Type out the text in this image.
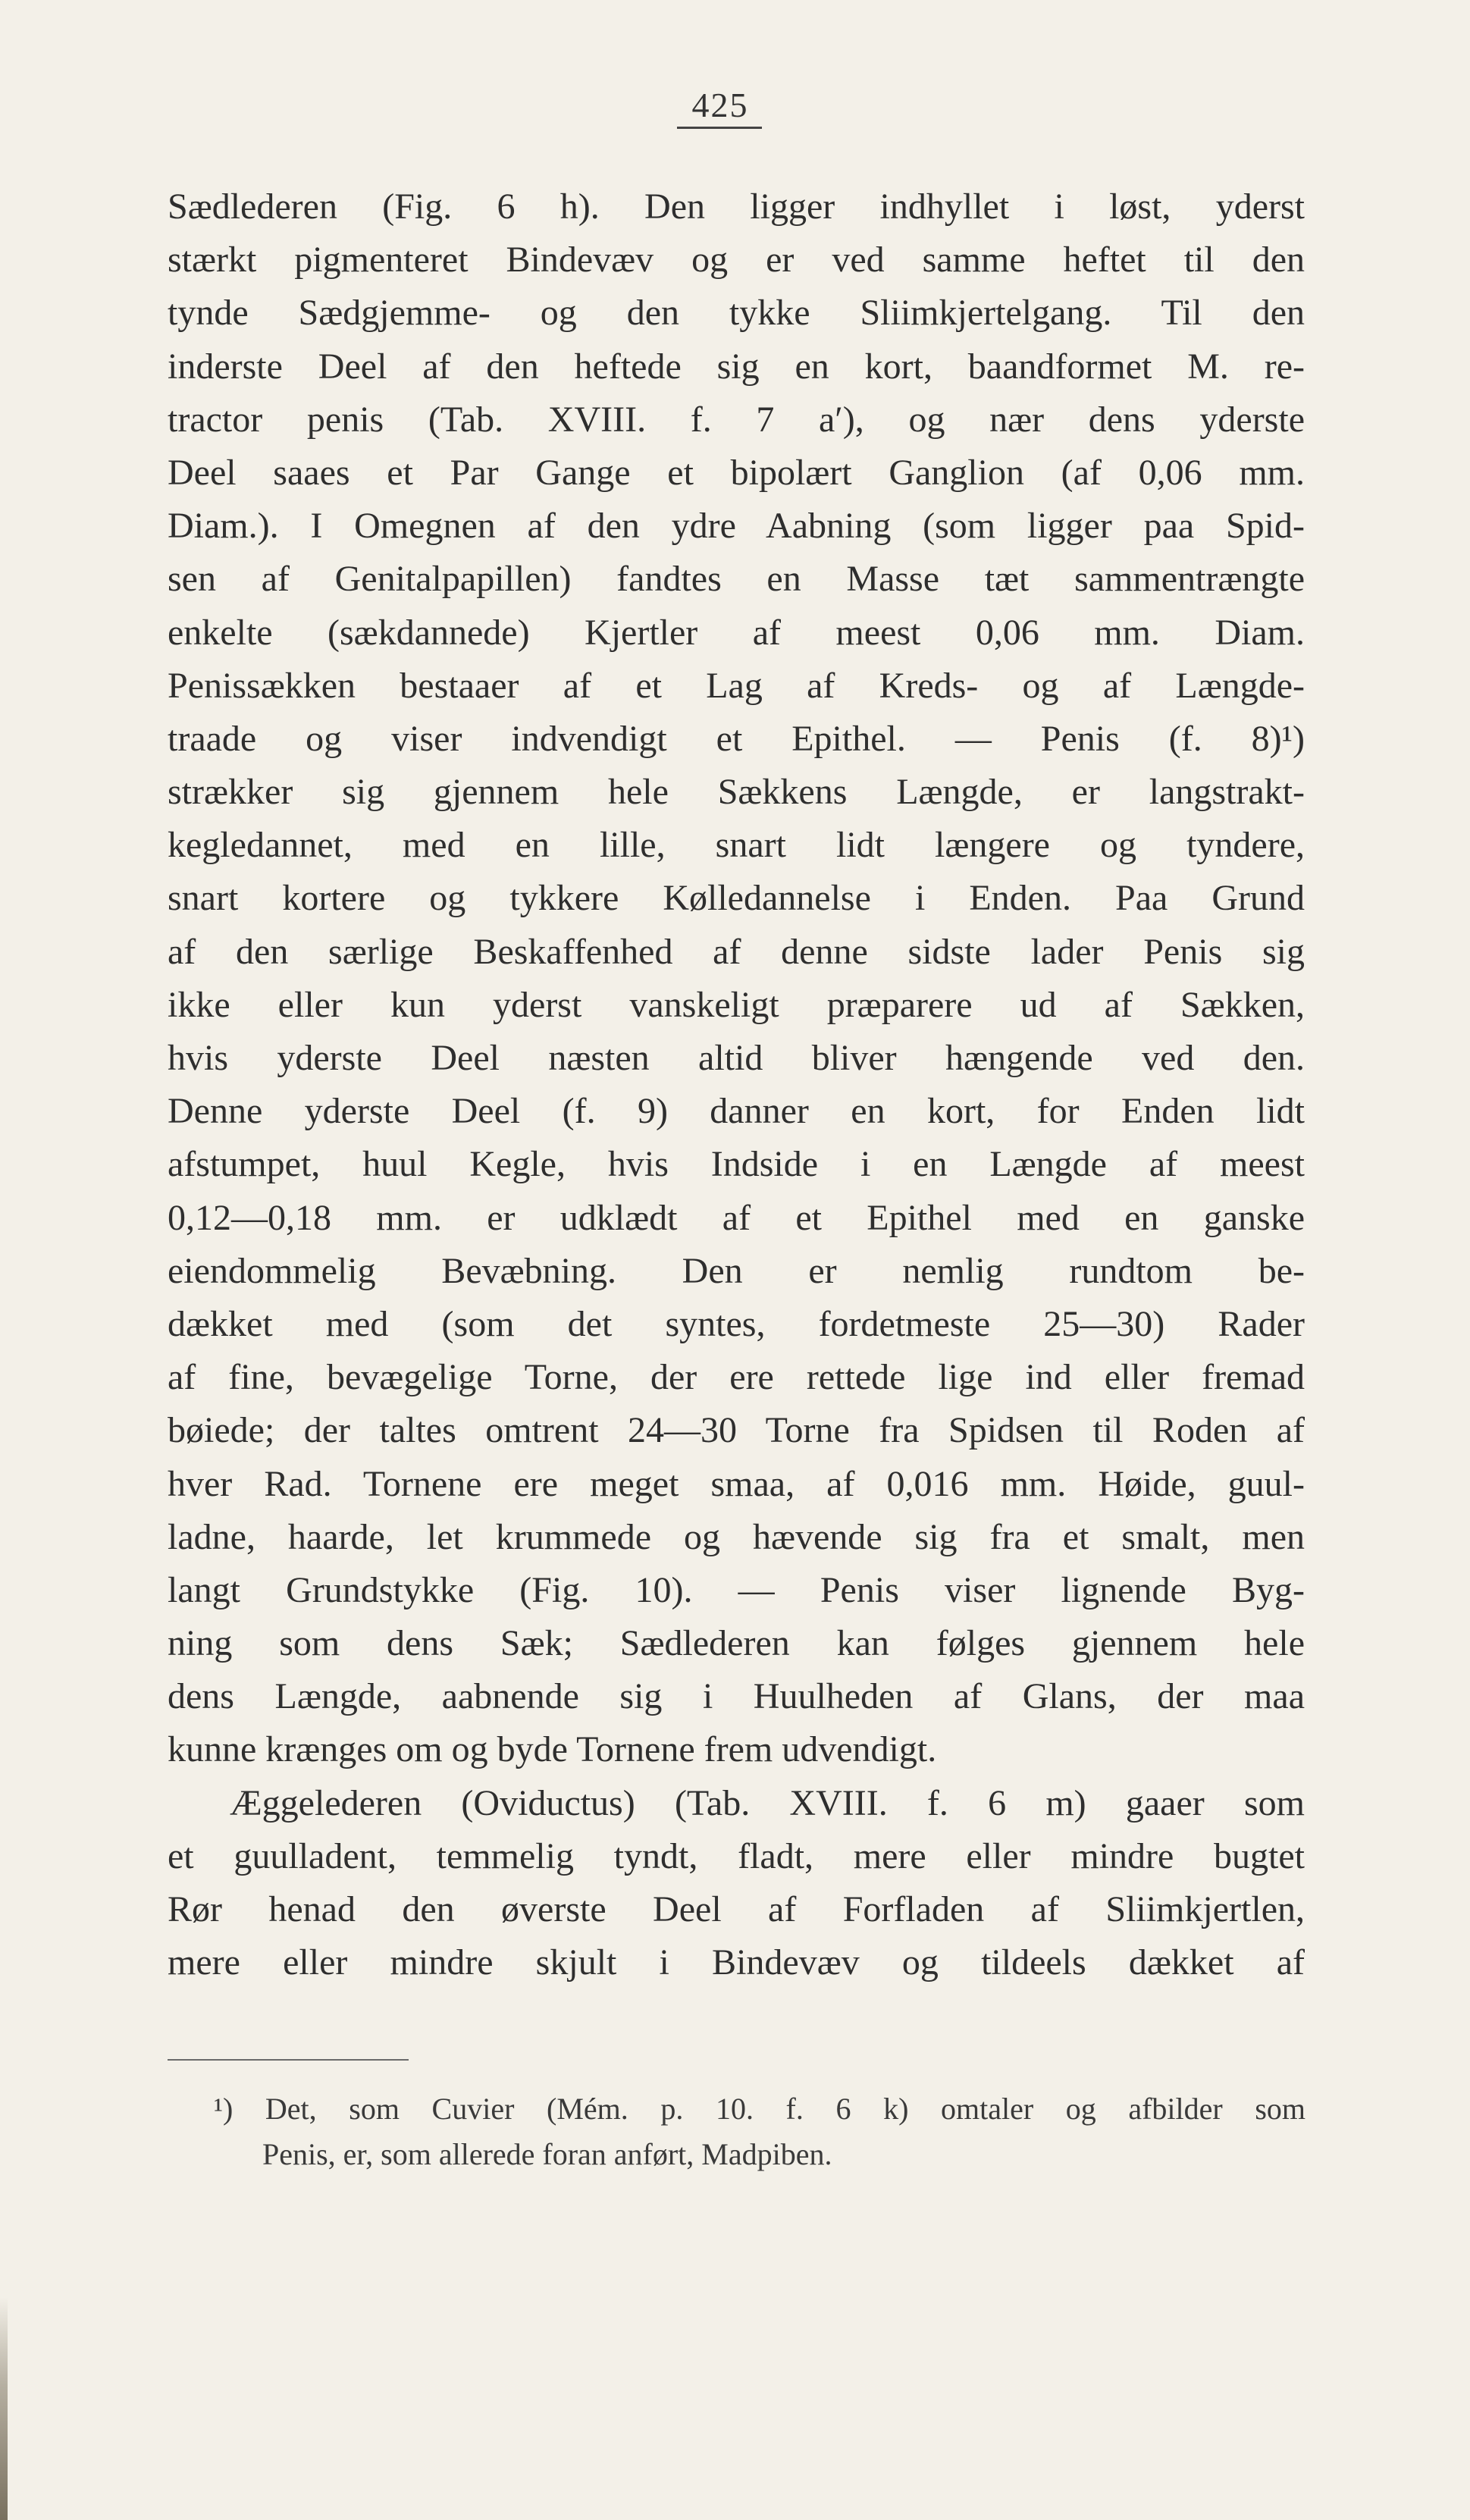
425
Sædlederen (Fig. 6 h). Den ligger indhyllet i løst, yderst
stærkt pigmenteret Bindevæv og er ved samme heftet til den
tynde Sædgjemme- og den tykke Sliimkjertelgang. Til den
inderste Deel af den heftede sig en kort, baandformet M. re-
tractor penis (Tab. XVIII. f. 7 a′), og nær dens yderste
Deel saaes et Par Gange et bipolært Ganglion (af 0,06 mm.
Diam.). I Omegnen af den ydre Aabning (som ligger paa Spid-
sen af Genitalpapillen) fandtes en Masse tæt sammentrængte
enkelte (sækdannede) Kjertler af meest 0,06 mm. Diam.
Penissækken bestaaer af et Lag af Kreds- og af Længde-
traade og viser indvendigt et Epithel. — Penis (f. 8)¹)
strækker sig gjennem hele Sækkens Længde, er langstrakt-
kegledannet, med en lille, snart lidt længere og tyndere,
snart kortere og tykkere Kølledannelse i Enden. Paa Grund
af den særlige Beskaffenhed af denne sidste lader Penis sig
ikke eller kun yderst vanskeligt præparere ud af Sækken,
hvis yderste Deel næsten altid bliver hængende ved den.
Denne yderste Deel (f. 9) danner en kort, for Enden lidt
afstumpet, huul Kegle, hvis Indside i en Længde af meest
0,12—0,18 mm. er udklædt af et Epithel med en ganske
eiendommelig Bevæbning. Den er nemlig rundtom be-
dækket med (som det syntes, fordetmeste 25—30) Rader
af fine, bevægelige Torne, der ere rettede lige ind eller fremad
bøiede; der taltes omtrent 24—30 Torne fra Spidsen til Roden af
hver Rad. Tornene ere meget smaa, af 0,016 mm. Høide, guul-
ladne, haarde, let krummede og hævende sig fra et smalt, men
langt Grundstykke (Fig. 10). — Penis viser lignende Byg-
ning som dens Sæk; Sædlederen kan følges gjennem hele
dens Længde, aabnende sig i Huulheden af Glans, der maa
kunne krænges om og byde Tornene frem udvendigt.
Æggelederen (Oviductus) (Tab. XVIII. f. 6 m) gaaer som
et guulladent, temmelig tyndt, fladt, mere eller mindre bugtet
Rør henad den øverste Deel af Forfladen af Sliimkjertlen,
mere eller mindre skjult i Bindevæv og tildeels dækket af
¹) Det, som Cuvier (Mém. p. 10. f. 6 k) omtaler og afbilder som
Penis, er, som allerede foran anført, Madpiben.
